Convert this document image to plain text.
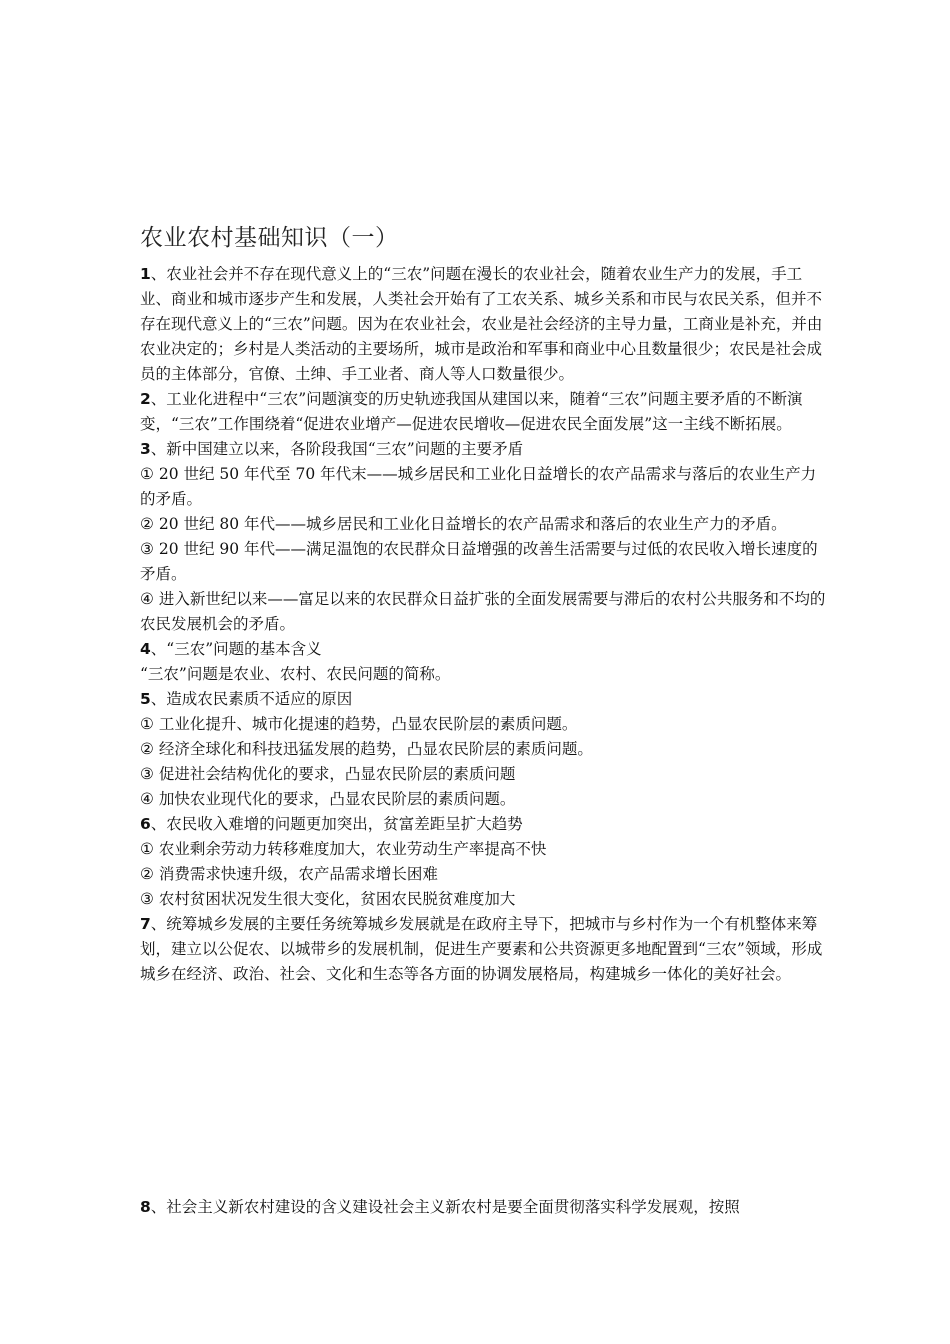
农业农村基础知识（一）

1、农业社会并不存在现代意义上的“三农”问题在漫长的农业社会，随着农业生产力的发展，手工业、商业和城市逐步产生和发展，人类社会开始有了工农关系、城乡关系和市民与农民关系，但并不存在现代意义上的“三农”问题。因为在农业社会，农业是社会经济的主导力量，工商业是补充，并由农业决定的；乡村是人类活动的主要场所，城市是政治和军事和商业中心且数量很少；农民是社会成员的主体部分，官僚、土绅、手工业者、商人等人口数量很少。

2、工业化进程中“三农”问题演变的历史轨迹我国从建国以来，随着“三农”问题主要矛盾的不断演变，“三农”工作围绕着“促进农业增产—促进农民增收—促进农民全面发展”这一主线不断拓展。

3、新中国建立以来，各阶段我国“三农”问题的主要矛盾

① 20 世纪 50 年代至 70 年代末——城乡居民和工业化日益增长的农产品需求与落后的农业生产力的矛盾。

② 20 世纪 80 年代——城乡居民和工业化日益增长的农产品需求和落后的农业生产力的矛盾。

③ 20 世纪 90 年代——满足温饱的农民群众日益增强的改善生活需要与过低的农民收入增长速度的矛盾。

④ 进入新世纪以来——富足以来的农民群众日益扩张的全面发展需要与滞后的农村公共服务和不均的农民发展机会的矛盾。

4、“三农”问题的基本含义

“三农”问题是农业、农村、农民问题的简称。

5、造成农民素质不适应的原因

① 工业化提升、城市化提速的趋势，凸显农民阶层的素质问题。

② 经济全球化和科技迅猛发展的趋势，凸显农民阶层的素质问题。

③ 促进社会结构优化的要求，凸显农民阶层的素质问题

④ 加快农业现代化的要求，凸显农民阶层的素质问题。

6、农民收入难增的问题更加突出，贫富差距呈扩大趋势

① 农业剩余劳动力转移难度加大，农业劳动生产率提高不快

② 消费需求快速升级，农产品需求增长困难

③ 农村贫困状况发生很大变化，贫困农民脱贫难度加大

7、统筹城乡发展的主要任务统筹城乡发展就是在政府主导下，把城市与乡村作为一个有机整体来筹划，建立以公促农、以城带乡的发展机制，促进生产要素和公共资源更多地配置到“三农”领域，形成城乡在经济、政治、社会、文化和生态等各方面的协调发展格局，构建城乡一体化的美好社会。

8、社会主义新农村建设的含义建设社会主义新农村是要全面贯彻落实科学发展观，按照
